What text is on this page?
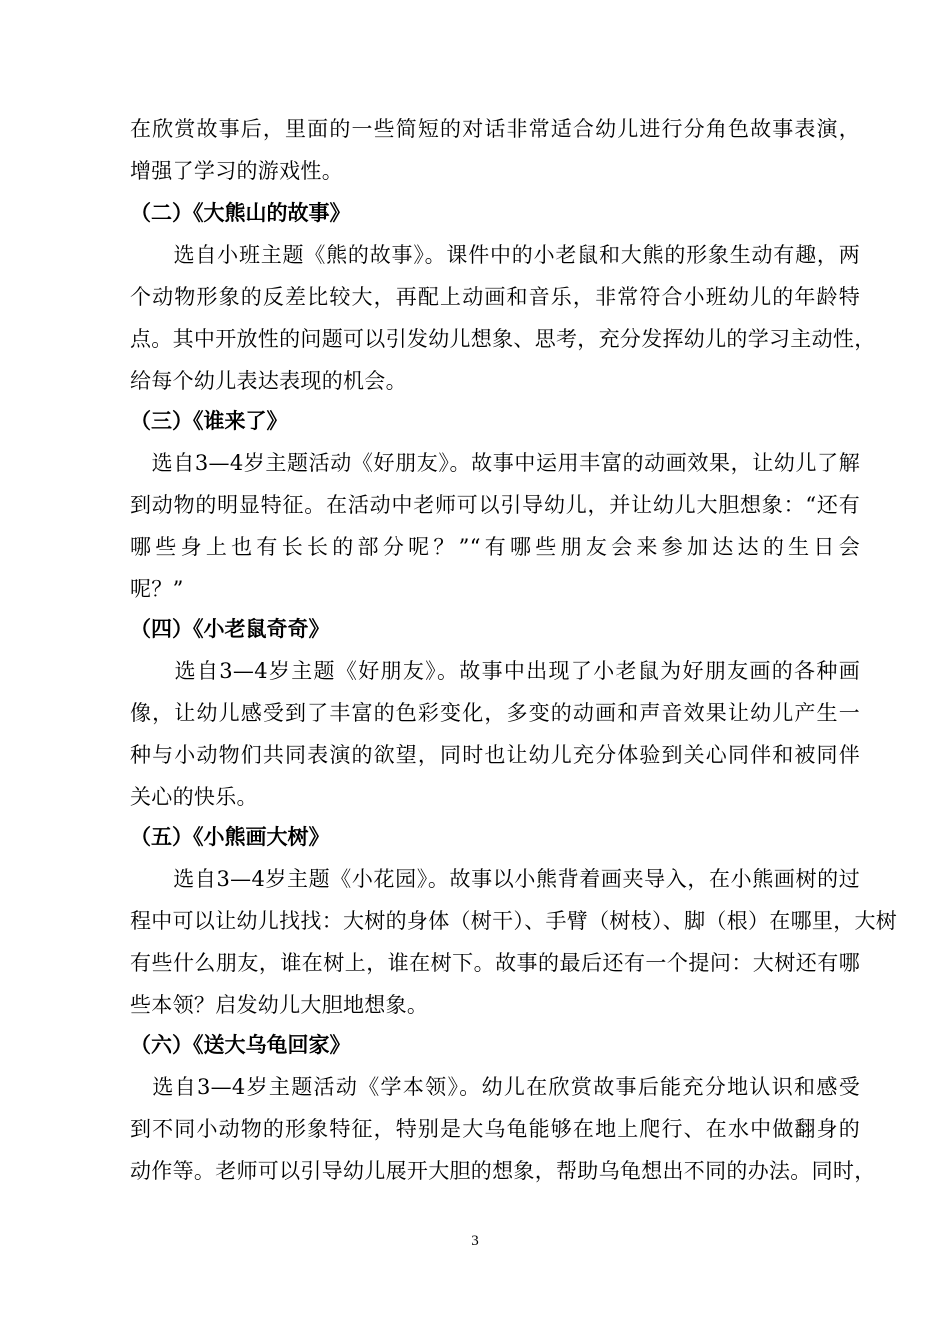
在欣赏故事后，里面的一些简短的对话非常适合幼儿进行分角色故事表演，
增强了学习的游戏性。
（二）《大熊山的故事》
　　选自小班主题《熊的故事》。课件中的小老鼠和大熊的形象生动有趣，两
个动物形象的反差比较大，再配上动画和音乐，非常符合小班幼儿的年龄特
点。其中开放性的问题可以引发幼儿想象、思考，充分发挥幼儿的学习主动性，
给每个幼儿表达表现的机会。
（三）《谁来了》
　选自3—4岁主题活动《好朋友》。故事中运用丰富的动画效果，让幼儿了解
到动物的明显特征。在活动中老师可以引导幼儿，并让幼儿大胆想象：“还有
哪些身上也有长长的部分呢？”“有哪些朋友会来参加达达的生日会
呢？”
（四）《小老鼠奇奇》
　　选自3—4岁主题《好朋友》。故事中出现了小老鼠为好朋友画的各种画
像，让幼儿感受到了丰富的色彩变化，多变的动画和声音效果让幼儿产生一
种与小动物们共同表演的欲望，同时也让幼儿充分体验到关心同伴和被同伴
关心的快乐。
（五）《小熊画大树》
　　选自3—4岁主题《小花园》。故事以小熊背着画夹导入，在小熊画树的过
程中可以让幼儿找找：大树的身体（树干）、手臂（树枝）、脚（根）在哪里，大树
有些什么朋友，谁在树上，谁在树下。故事的最后还有一个提问：大树还有哪
些本领？启发幼儿大胆地想象。
（六）《送大乌龟回家》
　选自3—4岁主题活动《学本领》。幼儿在欣赏故事后能充分地认识和感受
到不同小动物的形象特征，特别是大乌龟能够在地上爬行、在水中做翻身的
动作等。老师可以引导幼儿展开大胆的想象，帮助乌龟想出不同的办法。同时，
3
